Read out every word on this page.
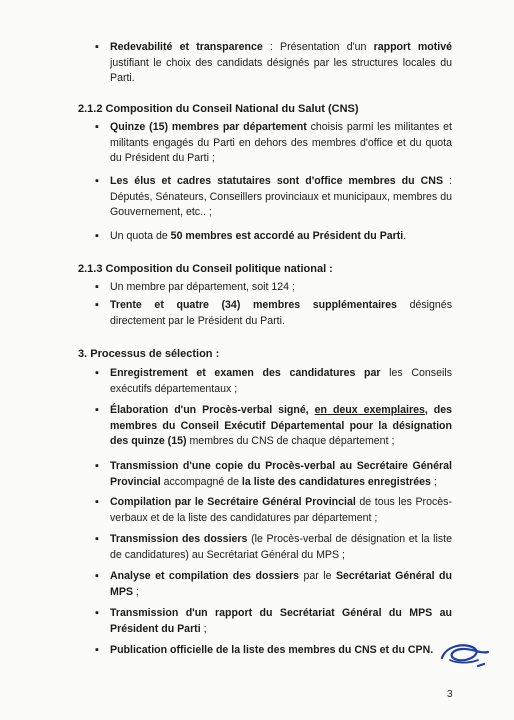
▪ Redevabilité et transparence : Présentation d'un rapport motivé justifiant le choix des candidats désignés par les structures locales du Parti.
2.1.2 Composition du Conseil National du Salut (CNS)
▪ Quinze (15) membres par département choisis parmi les militantes et militants engagés du Parti en dehors des membres d'office et du quota du Président du Parti ;
▪ Les élus et cadres statutaires sont d'office membres du CNS : Députés, Sénateurs, Conseillers provinciaux et municipaux, membres du Gouvernement, etc.. ;
▪ Un quota de 50 membres est accordé au Président du Parti.
2.1.3 Composition du Conseil politique national :
▪ Un membre par département, soit 124 ;
▪ Trente et quatre (34) membres supplémentaires désignés directement par le Président du Parti.
3. Processus de sélection :
▪ Enregistrement et examen des candidatures par les Conseils exécutifs départementaux ;
▪ Élaboration d'un Procès-verbal signé, en deux exemplaires, des membres du Conseil Exécutif Départemental pour la désignation des quinze (15) membres du CNS de chaque département ;
▪ Transmission d'une copie du Procès-verbal au Secrétaire Général Provincial accompagné de la liste des candidatures enregistrées ;
▪ Compilation par le Secrétaire Général Provincial de tous les Procès-verbaux et de la liste des candidatures par département ;
▪ Transmission des dossiers (le Procès-verbal de désignation et la liste de candidatures) au Secrétariat Général du MPS ;
▪ Analyse et compilation des dossiers par le Secrétariat Général du MPS ;
▪ Transmission d'un rapport du Secrétariat Général du MPS au Président du Parti ;
▪ Publication officielle de la liste des membres du CNS et du CPN.
3
